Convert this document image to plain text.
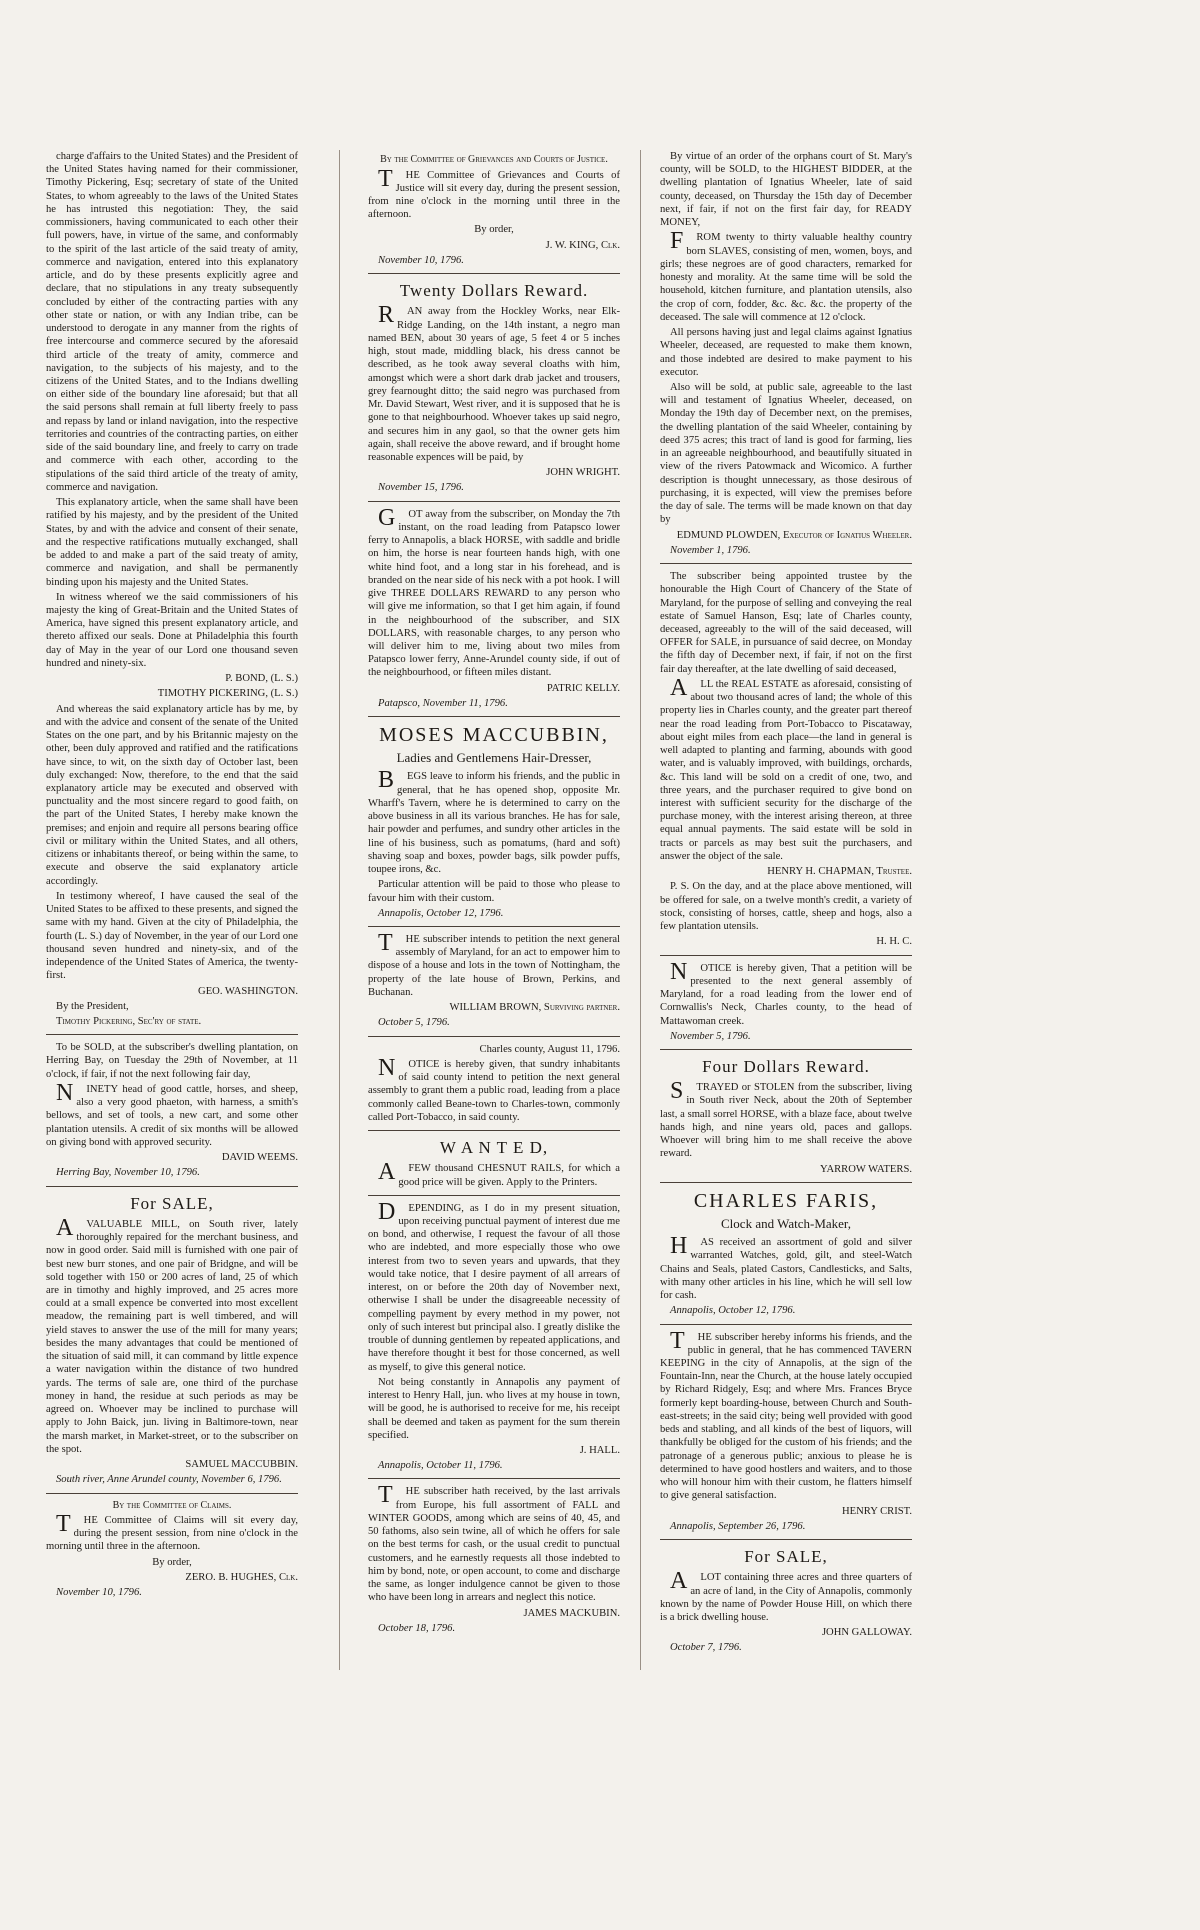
charge d'affairs to the United States) and the President of the United States having named for their commissioner, Timothy Pickering, Esq; secretary of state of the United States, to whom agreeably to the laws of the United States he has intrusted this negotiation: They, the said commissioners, having communicated to each other their full powers, have, in virtue of the same, and conformably to the spirit of the last article of the said treaty of amity, commerce and navigation, entered into this explanatory article, and do by these presents explicitly agree and declare, that no stipulations in any treaty subsequently concluded by either of the contracting parties with any other state or nation, or with any Indian tribe, can be understood to derogate in any manner from the rights of free intercourse and commerce secured by the aforesaid third article of the treaty of amity, commerce and navigation, to the subjects of his majesty, and to the citizens of the United States, and to the Indians dwelling on either side of the boundary line aforesaid; but that all the said persons shall remain at full liberty freely to pass and repass by land or inland navigation, into the respective territories and countries of the contracting parties, on either side of the said boundary line, and freely to carry on trade and commerce with each other, according to the stipulations of the said third article of the treaty of amity, commerce and navigation.

This explanatory article, when the same shall have been ratified by his majesty, and by the president of the United States, by and with the advice and consent of their senate, and the respective ratifications mutually exchanged, shall be added to and make a part of the said treaty of amity, commerce and navigation, and shall be permanently binding upon his majesty and the United States.

In witness whereof we the said commissioners of his majesty the king of Great-Britain and the United States of America, have signed this present explanatory article, and thereto affixed our seals. Done at Philadelphia this fourth day of May in the year of our Lord one thousand seven hundred and ninety-six.

P. BOND, (L. S.)

TIMOTHY PICKERING, (L. S.)

And whereas the said explanatory article has by me, by and with the advice and consent of the senate of the United States on the one part, and by his Britannic majesty on the other, been duly approved and ratified and the ratifications have since, to wit, on the sixth day of October last, been duly exchanged: Now, therefore, to the end that the said explanatory article may be executed and observed with punctuality and the most sincere regard to good faith, on the part of the United States, I hereby make known the premises; and enjoin and require all persons bearing office civil or military within the United States, and all others, citizens or inhabitants thereof, or being within the same, to execute and observe the said explanatory article accordingly.

In testimony whereof, I have caused the seal of the United States to be affixed to these presents, and signed the same with my hand. Given at the city of Philadelphia, the fourth (L. S.) day of November, in the year of our Lord one thousand seven hundred and ninety-six, and of the independence of the United States of America, the twenty-first.

GEO. WASHINGTON.

By the President,

Timothy Pickering, Sec'ry of state.

To be SOLD, at the subscriber's dwelling plantation, on Herring Bay, on Tuesday the 29th of November, at 11 o'clock, if fair, if not the next following fair day,

NINETY head of good cattle, horses, and sheep, also a very good phaeton, with harness, a smith's bellows, and set of tools, a new cart, and some other plantation utensils. A credit of six months will be allowed on giving bond with approved security.

DAVID WEEMS.

Herring Bay, November 10, 1796.

For SALE,

AVALUABLE MILL, on South river, lately thoroughly repaired for the merchant business, and now in good order. Said mill is furnished with one pair of best new burr stones, and one pair of Bridgne, and will be sold together with 150 or 200 acres of land, 25 of which are in timothy and highly improved, and 25 acres more could at a small expence be converted into most excellent meadow, the remaining part is well timbered, and will yield staves to answer the use of the mill for many years; besides the many advantages that could be mentioned of the situation of said mill, it can command by little expence a water navigation within the distance of two hundred yards. The terms of sale are, one third of the purchase money in hand, the residue at such periods as may be agreed on. Whoever may be inclined to purchase will apply to John Baick, jun. living in Baltimore-town, near the marsh market, in Market-street, or to the subscriber on the spot.

SAMUEL MACCUBBIN.

South river, Anne Arundel county, November 6, 1796.

By the Committee of Claims.

THE Committee of Claims will sit every day, during the present session, from nine o'clock in the morning until three in the afternoon.

By order,

ZERO. B. HUGHES, Clk.

November 10, 1796.

By the Committee of Grievances and Courts of Justice.

THE Committee of Grievances and Courts of Justice will sit every day, during the present session, from nine o'clock in the morning until three in the afternoon.

By order,

J. W. KING, Clk.

November 10, 1796.

Twenty Dollars Reward.

RAN away from the Hockley Works, near Elk-Ridge Landing, on the 14th instant, a negro man named BEN, about 30 years of age, 5 feet 4 or 5 inches high, stout made, middling black, his dress cannot be described, as he took away several cloaths with him, amongst which were a short dark drab jacket and trousers, grey fearnought ditto; the said negro was purchased from Mr. David Stewart, West river, and it is supposed that he is gone to that neighbourhood. Whoever takes up said negro, and secures him in any gaol, so that the owner gets him again, shall receive the above reward, and if brought home reasonable expences will be paid, by

JOHN WRIGHT.

November 15, 1796.

GOT away from the subscriber, on Monday the 7th instant, on the road leading from Patapsco lower ferry to Annapolis, a black HORSE, with saddle and bridle on him, the horse is near fourteen hands high, with one white hind foot, and a long star in his forehead, and is branded on the near side of his neck with a pot hook. I will give THREE DOLLARS REWARD to any person who will give me information, so that I get him again, if found in the neighbourhood of the subscriber, and SIX DOLLARS, with reasonable charges, to any person who will deliver him to me, living about two miles from Patapsco lower ferry, Anne-Arundel county side, if out of the neighbourhood, or fifteen miles distant.

PATRIC KELLY.

Patapsco, November 11, 1796.

MOSES MACCUBBIN,

Ladies and Gentlemens Hair-Dresser,

BEGS leave to inform his friends, and the public in general, that he has opened shop, opposite Mr. Wharff's Tavern, where he is determined to carry on the above business in all its various branches. He has for sale, hair powder and perfumes, and sundry other articles in the line of his business, such as pomatums, (hard and soft) shaving soap and boxes, powder bags, silk powder puffs, toupee irons, &c.

Particular attention will be paid to those who please to favour him with their custom.

Annapolis, October 12, 1796.

THE subscriber intends to petition the next general assembly of Maryland, for an act to empower him to dispose of a house and lots in the town of Nottingham, the property of the late house of Brown, Perkins, and Buchanan.

WILLIAM BROWN, Surviving partner.

October 5, 1796.

Charles county, August 11, 1796.

NOTICE is hereby given, that sundry inhabitants of said county intend to petition the next general assembly to grant them a public road, leading from a place commonly called Beane-town to Charles-town, commonly called Port-Tobacco, in said county.

W A N T E D,

AFEW thousand CHESNUT RAILS, for which a good price will be given. Apply to the Printers.

DEPENDING, as I do in my present situation, upon receiving punctual payment of interest due me on bond, and otherwise, I request the favour of all those who are indebted, and more especially those who owe interest from two to seven years and upwards, that they would take notice, that I desire payment of all arrears of interest, on or before the 20th day of November next, otherwise I shall be under the disagreeable necessity of compelling payment by every method in my power, not only of such interest but principal also. I greatly dislike the trouble of dunning gentlemen by repeated applications, and have therefore thought it best for those concerned, as well as myself, to give this general notice.

Not being constantly in Annapolis any payment of interest to Henry Hall, jun. who lives at my house in town, will be good, he is authorised to receive for me, his receipt shall be deemed and taken as payment for the sum therein specified.

J. HALL.

Annapolis, October 11, 1796.

THE subscriber hath received, by the last arrivals from Europe, his full assortment of FALL and WINTER GOODS, among which are seins of 40, 45, and 50 fathoms, also sein twine, all of which he offers for sale on the best terms for cash, or the usual credit to punctual customers, and he earnestly requests all those indebted to him by bond, note, or open account, to come and discharge the same, as longer indulgence cannot be given to those who have been long in arrears and neglect this notice.

JAMES MACKUBIN.

October 18, 1796.

By virtue of an order of the orphans court of St. Mary's county, will be SOLD, to the HIGHEST BIDDER, at the dwelling plantation of Ignatius Wheeler, late of said county, deceased, on Thursday the 15th day of December next, if fair, if not on the first fair day, for READY MONEY,

FROM twenty to thirty valuable healthy country born SLAVES, consisting of men, women, boys, and girls; these negroes are of good characters, remarked for honesty and morality. At the same time will be sold the household, kitchen furniture, and plantation utensils, also the crop of corn, fodder, &c. &c. &c. the property of the deceased. The sale will commence at 12 o'clock.

All persons having just and legal claims against Ignatius Wheeler, deceased, are requested to make them known, and those indebted are desired to make payment to his executor.

Also will be sold, at public sale, agreeable to the last will and testament of Ignatius Wheeler, deceased, on Monday the 19th day of December next, on the premises, the dwelling plantation of the said Wheeler, containing by deed 375 acres; this tract of land is good for farming, lies in an agreeable neighbourhood, and beautifully situated in view of the rivers Patowmack and Wicomico. A further description is thought unnecessary, as those desirous of purchasing, it is expected, will view the premises before the day of sale. The terms will be made known on that day by

EDMUND PLOWDEN, Executor of Ignatius Wheeler.

November 1, 1796.

The subscriber being appointed trustee by the honourable the High Court of Chancery of the State of Maryland, for the purpose of selling and conveying the real estate of Samuel Hanson, Esq; late of Charles county, deceased, agreeably to the will of the said deceased, will OFFER for SALE, in pursuance of said decree, on Monday the fifth day of December next, if fair, if not on the first fair day thereafter, at the late dwelling of said deceased,

ALL the REAL ESTATE as aforesaid, consisting of about two thousand acres of land; the whole of this property lies in Charles county, and the greater part thereof near the road leading from Port-Tobacco to Piscataway, about eight miles from each place—the land in general is well adapted to planting and farming, abounds with good water, and is valuably improved, with buildings, orchards, &c. This land will be sold on a credit of one, two, and three years, and the purchaser required to give bond on interest with sufficient security for the discharge of the purchase money, with the interest arising thereon, at three equal annual payments. The said estate will be sold in tracts or parcels as may best suit the purchasers, and answer the object of the sale.

HENRY H. CHAPMAN, Trustee.

P. S. On the day, and at the place above mentioned, will be offered for sale, on a twelve month's credit, a variety of stock, consisting of horses, cattle, sheep and hogs, also a few plantation utensils.

H. H. C.

NOTICE is hereby given, That a petition will be presented to the next general assembly of Maryland, for a road leading from the lower end of Cornwallis's Neck, Charles county, to the head of Mattawoman creek.

November 5, 1796.

Four Dollars Reward.

STRAYED or STOLEN from the subscriber, living in South river Neck, about the 20th of September last, a small sorrel HORSE, with a blaze face, about twelve hands high, and nine years old, paces and gallops. Whoever will bring him to me shall receive the above reward.

YARROW WATERS.

CHARLES FARIS,

Clock and Watch-Maker,

HAS received an assortment of gold and silver warranted Watches, gold, gilt, and steel-Watch Chains and Seals, plated Castors, Candlesticks, and Salts, with many other articles in his line, which he will sell low for cash.

Annapolis, October 12, 1796.

THE subscriber hereby informs his friends, and the public in general, that he has commenced TAVERN KEEPING in the city of Annapolis, at the sign of the Fountain-Inn, near the Church, at the house lately occupied by Richard Ridgely, Esq; and where Mrs. Frances Bryce formerly kept boarding-house, between Church and South-east-streets; in the said city; being well provided with good beds and stabling, and all kinds of the best of liquors, will thankfully be obliged for the custom of his friends; and the patronage of a generous public; anxious to please he is determined to have good hostlers and waiters, and to those who will honour him with their custom, he flatters himself to give general satisfaction.

HENRY CRIST.

Annapolis, September 26, 1796.

For SALE,

ALOT containing three acres and three quarters of an acre of land, in the City of Annapolis, commonly known by the name of Powder House Hill, on which there is a brick dwelling house.

JOHN GALLOWAY.

October 7, 1796.
